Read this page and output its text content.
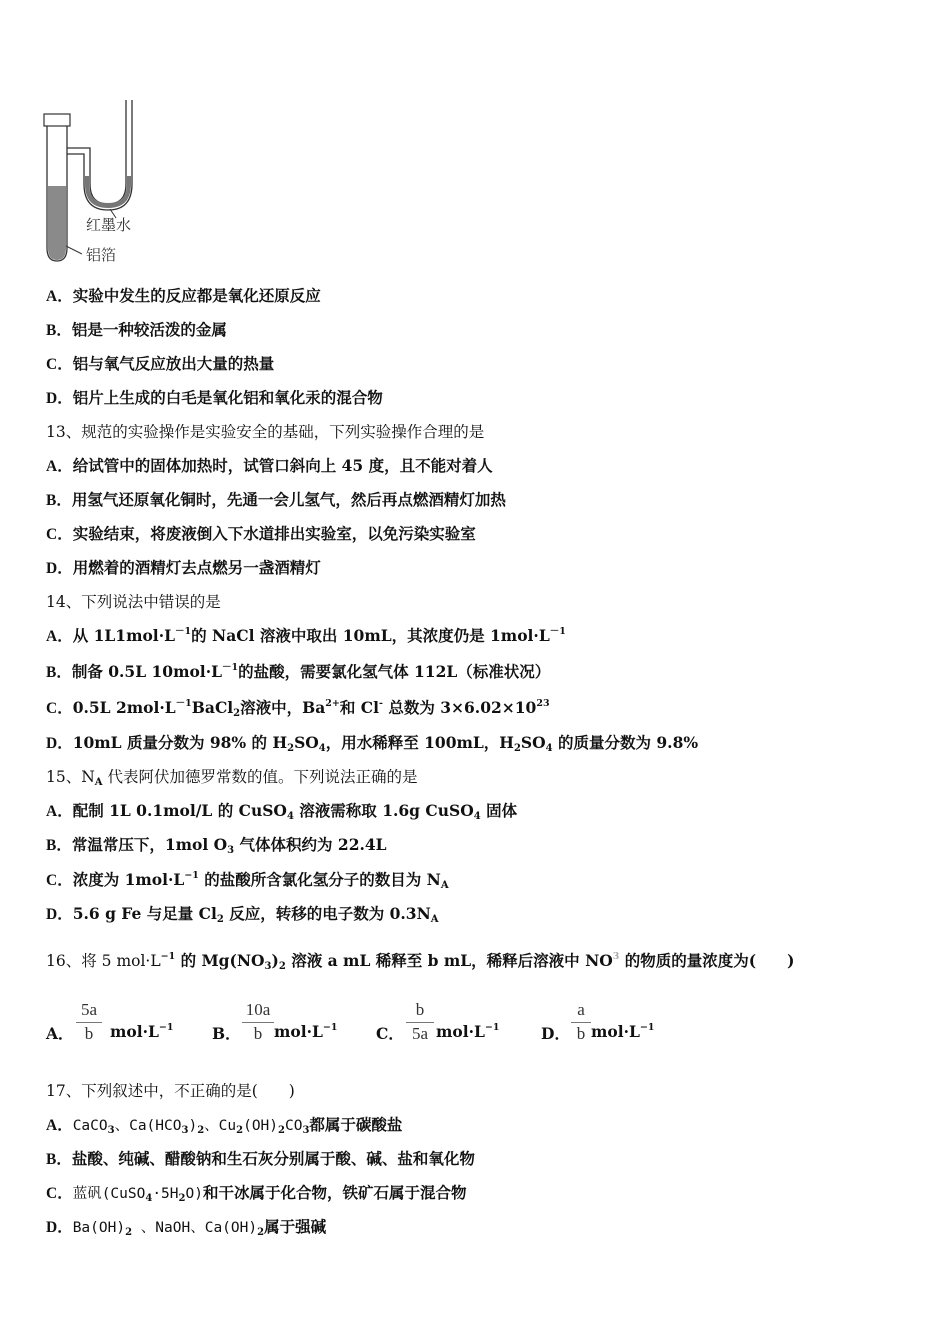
红墨水
铝箔
A．实验中发生的反应都是氧化还原反应
B．铝是一种较活泼的金属
C．铝与氧气反应放出大量的热量
D．铝片上生成的白毛是氧化铝和氧化汞的混合物
13、规范的实验操作是实验安全的基础，下列实验操作合理的是
A．给试管中的固体加热时，试管口斜向上 45 度，且不能对着人
B．用氢气还原氧化铜时，先通一会儿氢气，然后再点燃酒精灯加热
C．实验结束，将废液倒入下水道排出实验室，以免污染实验室
D．用燃着的酒精灯去点燃另一盏酒精灯
14、下列说法中错误的是
A．从 $1L1mol\cdot L^{-1}$的 NaCl 溶液中取出 10mL，其浓度仍是 $1mol\cdot L^{-1}$
B．制备 0.5L $10mol\cdot L^{-1}$的盐酸，需要氯化氢气体 112L（标准状况）
C．0.5L $2mol\cdot L^{-1}BaCl_2$溶液中，$Ba^{2+}$和 Cl- 总数为 $3\times 6.02\times 10^{23}$
D．10mL 质量分数为 98% 的 $H_2SO_4$，用水稀释至 100mL，$H_2SO_4$ 的质量分数为 9.8%
15、$N_A$ 代表阿伏加德罗常数的值。下列说法正确的是
A．配制 1L 0.1mol/L 的 CuSO$_4$ 溶液需称取 1.6g CuSO$_4$ 固体
B．常温常压下，1mol $O_3$ 气体体积约为 22.4L
C．浓度为 $1mol\cdot L^{-1}$ 的盐酸所含氯化氢分子的数目为 $N_A$
D．5.6 g Fe 与足量 $Cl_2$ 反应，转移的电子数为 $0.3N_A$
16、将 5 $mol\cdot L^{-1}$ 的 $Mg(NO_3)_2$ 溶液 a mL 稀释至 b mL，稀释后溶液中 $NO^3$ 的物质的量浓度为(　　)
A．
5a
b	$mol\cdot L^{-1}$ B．
10a
b $mol\cdot L^{-1}$ C．
b
5a $mol\cdot L^{-1}$	D．
a
b $mol\cdot L^{-1}$
17、下列叙述中，不正确的是(　　)
A．CaCO$_3$、$Ca(HCO_3)_2$、$Cu_2(OH)_2CO_3$都属于碳酸盐
B．盐酸、纯碱、醋酸钠和生石灰分别属于酸、碱、盐和氧化物
C．蓝矾$(CuSO_4\cdot 5H_2O)$和干冰属于化合物，铁矿石属于混合物
D．$Ba(OH)_2$ 、NaOH、$Ca(OH)_2$属于强碱
